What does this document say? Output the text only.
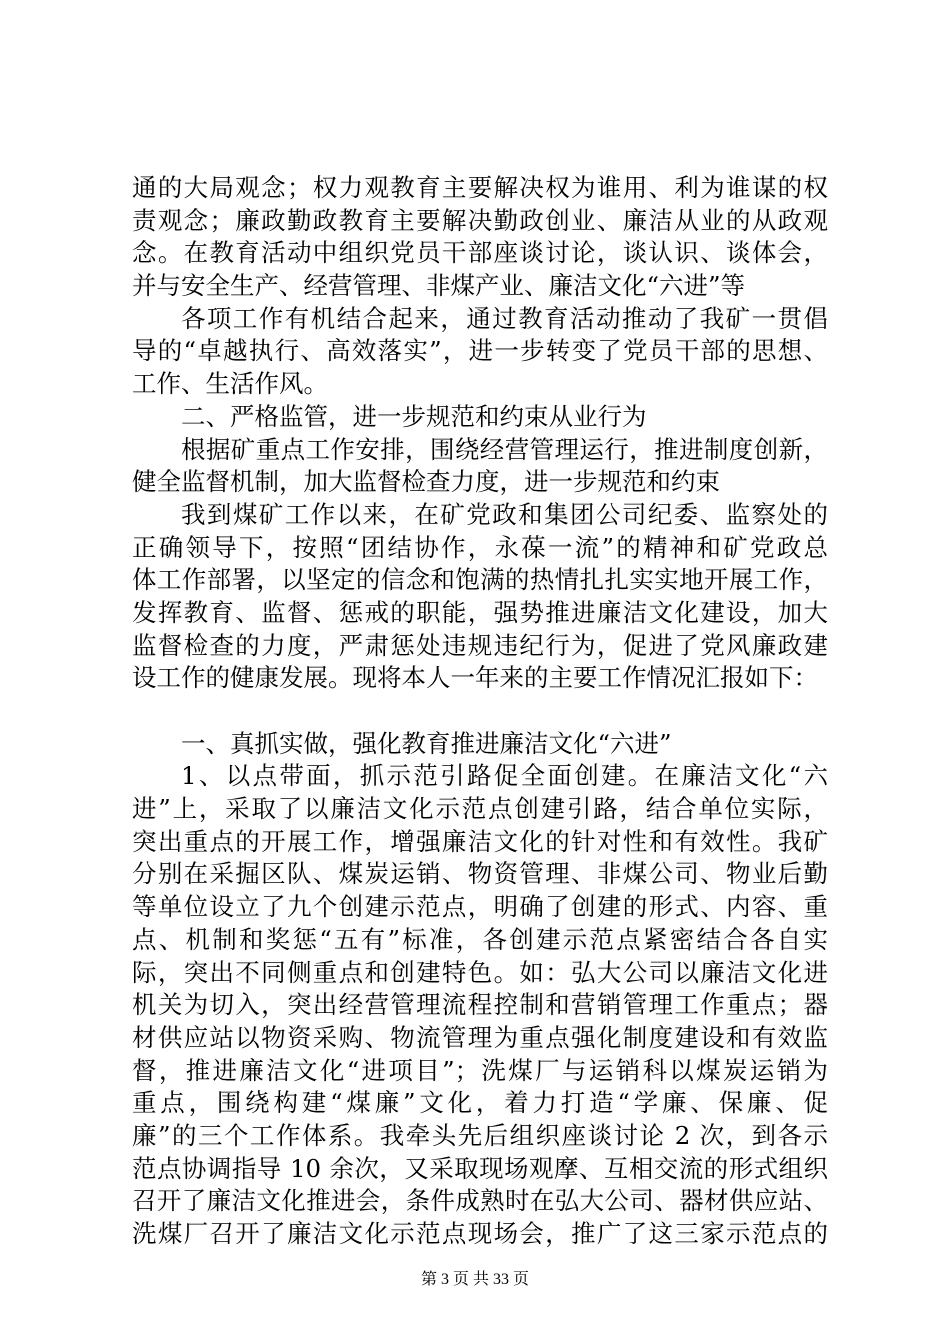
通的大局观念；权力观教育主要解决权为谁用、利为谁谋的权
责观念；廉政勤政教育主要解决勤政创业、廉洁从业的从政观
念。在教育活动中组织党员干部座谈讨论，谈认识、谈体会，
并与安全生产、经营管理、非煤产业、廉洁文化“六进”等
各项工作有机结合起来，通过教育活动推动了我矿一贯倡
导的“卓越执行、高效落实”，进一步转变了党员干部的思想、
工作、生活作风。
二、严格监管，进一步规范和约束从业行为
根据矿重点工作安排，围绕经营管理运行，推进制度创新，
健全监督机制，加大监督检查力度，进一步规范和约束
我到煤矿工作以来，在矿党政和集团公司纪委、监察处的
正确领导下，按照“团结协作，永葆一流”的精神和矿党政总
体工作部署，以坚定的信念和饱满的热情扎扎实实地开展工作，
发挥教育、监督、惩戒的职能，强势推进廉洁文化建设，加大
监督检查的力度，严肃惩处违规违纪行为，促进了党风廉政建
设工作的健康发展。现将本人一年来的主要工作情况汇报如下：
一、真抓实做，强化教育推进廉洁文化“六进”
1、以点带面，抓示范引路促全面创建。在廉洁文化“六
进”上，采取了以廉洁文化示范点创建引路，结合单位实际，
突出重点的开展工作，增强廉洁文化的针对性和有效性。我矿
分别在采掘区队、煤炭运销、物资管理、非煤公司、物业后勤
等单位设立了九个创建示范点，明确了创建的形式、内容、重
点、机制和奖惩“五有”标准，各创建示范点紧密结合各自实
际，突出不同侧重点和创建特色。如：弘大公司以廉洁文化进
机关为切入，突出经营管理流程控制和营销管理工作重点；器
材供应站以物资采购、物流管理为重点强化制度建设和有效监
督，推进廉洁文化“进项目”；洗煤厂与运销科以煤炭运销为
重点，围绕构建“煤廉”文化，着力打造“学廉、保廉、促
廉”的三个工作体系。我牵头先后组织座谈讨论 2 次，到各示
范点协调指导 10 余次，又采取现场观摩、互相交流的形式组织
召开了廉洁文化推进会，条件成熟时在弘大公司、器材供应站、
洗煤厂召开了廉洁文化示范点现场会，推广了这三家示范点的
第 3 页 共 33 页
